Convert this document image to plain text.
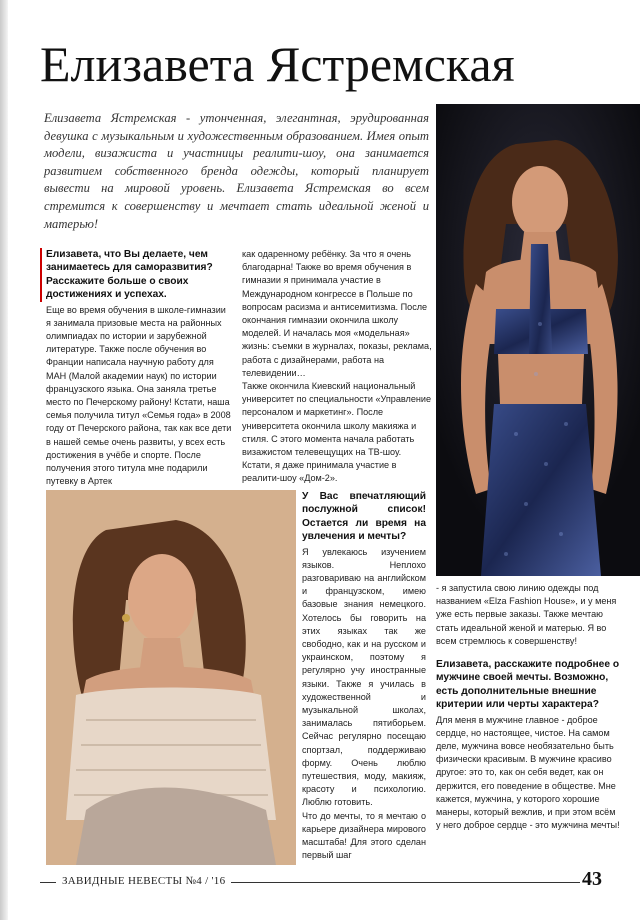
Елизавета Ястремская

Елизавета Ястремская - утонченная, элегантная, эрудированная девушка с музыкальным и художественным образованием. Имея опыт модели, визажиста и участницы реалити-шоу, она занимается развитием собственного бренда одежды, который планирует вывести на мировой уровень. Елизавета Ястремская во всем стремится к совершенству и мечтает стать идеальной женой и матерью!

Елизавета, что Вы делаете, чем занимаетесь для саморазвития? Расскажите больше о своих достижениях и успехах.

Еще во время обучения в школе-гимназии я занимала призовые места на районных олимпиадах по истории и зарубежной литературе. Также после обучения во Франции написала научную работу для МАН (Малой академии наук) по истории французского языка. Она заняла третье место по Печерскому району! Кстати, наша семья получила титул «Семья года» в 2008 году от Печерского района, так как все дети в нашей семье очень развиты, у всех есть достижения в учёбе и спорте. После получения этого титула мне подарили путевку в Артек

как одаренному ребёнку. За что я очень благодарна! Также во время обучения в гимназии я принимала участие в Международном конгрессе в Польше по вопросам расизма и антисемитизма. После окончания гимназии окончила школу моделей. И началась моя «модельная» жизнь: съемки в журналах, показы, реклама, работа с дизайнерами, работа на телевидении…

Также окончила Киевский национальный университет по специальности «Управление персоналом и маркетинг». После университета окончила школу макияжа и стиля. С этого момента начала работать визажистом телевещущих на ТВ-шоу. Кстати, я даже принимала участие в реалити-шоу «Дом-2».

У Вас впечатляющий послужной список! Остается ли время на увлечения и мечты?

Я увлекаюсь изучением языков. Неплохо разговариваю на английском и французском, имею базовые знания немецкого. Хотелось бы говорить на этих языках так же свободно, как и на русском и украинском, поэтому я регулярно учу иностранные языки. Также я училась в художественной и музыкальной школах, занималась пятиборьем. Сейчас регулярно посещаю спортзал, поддерживаю форму. Очень люблю путешествия, моду, макияж, красоту и психологию. Люблю готовить.

Что до мечты, то я мечтаю о карьере дизайнера мирового масштаба! Для этого сделан первый шаг

- я запустила свою линию одежды под названием «Elza Fashion House», и у меня уже есть первые заказы. Также мечтаю стать идеальной женой и матерью. Я во всем стремлюсь к совершенству!

Елизавета, расскажите подробнее о мужчине своей мечты. Возможно, есть дополнительные внешние критерии или черты характера?

Для меня в мужчине главное - доброе сердце, но настоящее, чистое. На самом деле, мужчина вовсе необязательно быть физически красивым. В мужчине красиво другое: это то, как он себя ведет, как он держится, его поведение в обществе. Мне кажется, мужчина, у которого хорошие манеры, который вежлив, и при этом всём у него доброе сердце - это мужчина мечты!

ЗАВИДНЫЕ НЕВЕСТЫ №4 / '16	43
